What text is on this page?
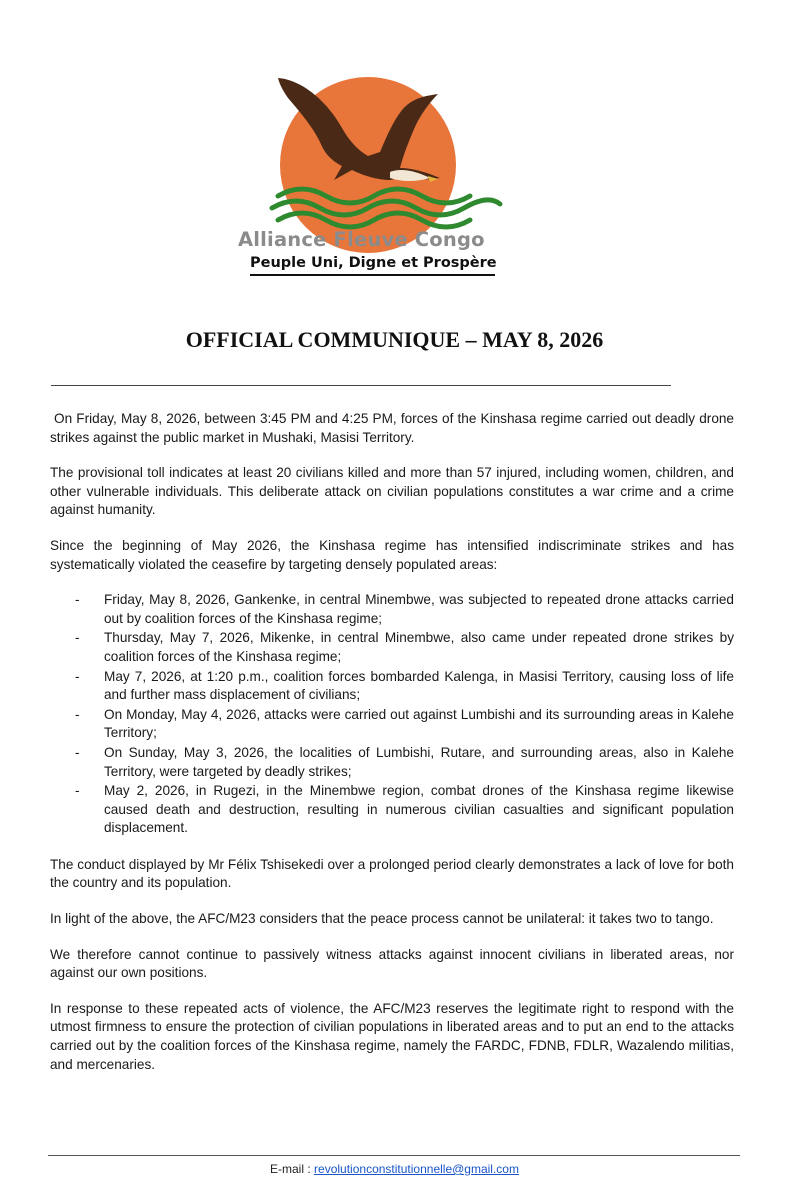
Alliance Fleuve Congo
Peuple Uni, Digne et Prospère
OFFICIAL COMMUNIQUE – MAY 8, 2026

On Friday, May 8, 2026, between 3:45 PM and 4:25 PM, forces of the Kinshasa regime carried out deadly drone strikes against the public market in Mushaki, Masisi Territory.

The provisional toll indicates at least 20 civilians killed and more than 57 injured, including women, children, and other vulnerable individuals. This deliberate attack on civilian populations constitutes a war crime and a crime against humanity.

Since the beginning of May 2026, the Kinshasa regime has intensified indiscriminate strikes and has systematically violated the ceasefire by targeting densely populated areas:

- Friday, May 8, 2026, Gankenke, in central Minembwe, was subjected to repeated drone attacks carried out by coalition forces of the Kinshasa regime;
- Thursday, May 7, 2026, Mikenke, in central Minembwe, also came under repeated drone strikes by coalition forces of the Kinshasa regime;
- May 7, 2026, at 1:20 p.m., coalition forces bombarded Kalenga, in Masisi Territory, causing loss of life and further mass displacement of civilians;
- On Monday, May 4, 2026, attacks were carried out against Lumbishi and its surrounding areas in Kalehe Territory;
- On Sunday, May 3, 2026, the localities of Lumbishi, Rutare, and surrounding areas, also in Kalehe Territory, were targeted by deadly strikes;
- May 2, 2026, in Rugezi, in the Minembwe region, combat drones of the Kinshasa regime likewise caused death and destruction, resulting in numerous civilian casualties and significant population displacement.

The conduct displayed by Mr Félix Tshisekedi over a prolonged period clearly demonstrates a lack of love for both the country and its population.

In light of the above, the AFC/M23 considers that the peace process cannot be unilateral: it takes two to tango.

We therefore cannot continue to passively witness attacks against innocent civilians in liberated areas, nor against our own positions.

In response to these repeated acts of violence, the AFC/M23 reserves the legitimate right to respond with the utmost firmness to ensure the protection of civilian populations in liberated areas and to put an end to the attacks carried out by the coalition forces of the Kinshasa regime, namely the FARDC, FDNB, FDLR, Wazalendo militias, and mercenaries.

E-mail : revolutionconstitutionnelle@gmail.com
